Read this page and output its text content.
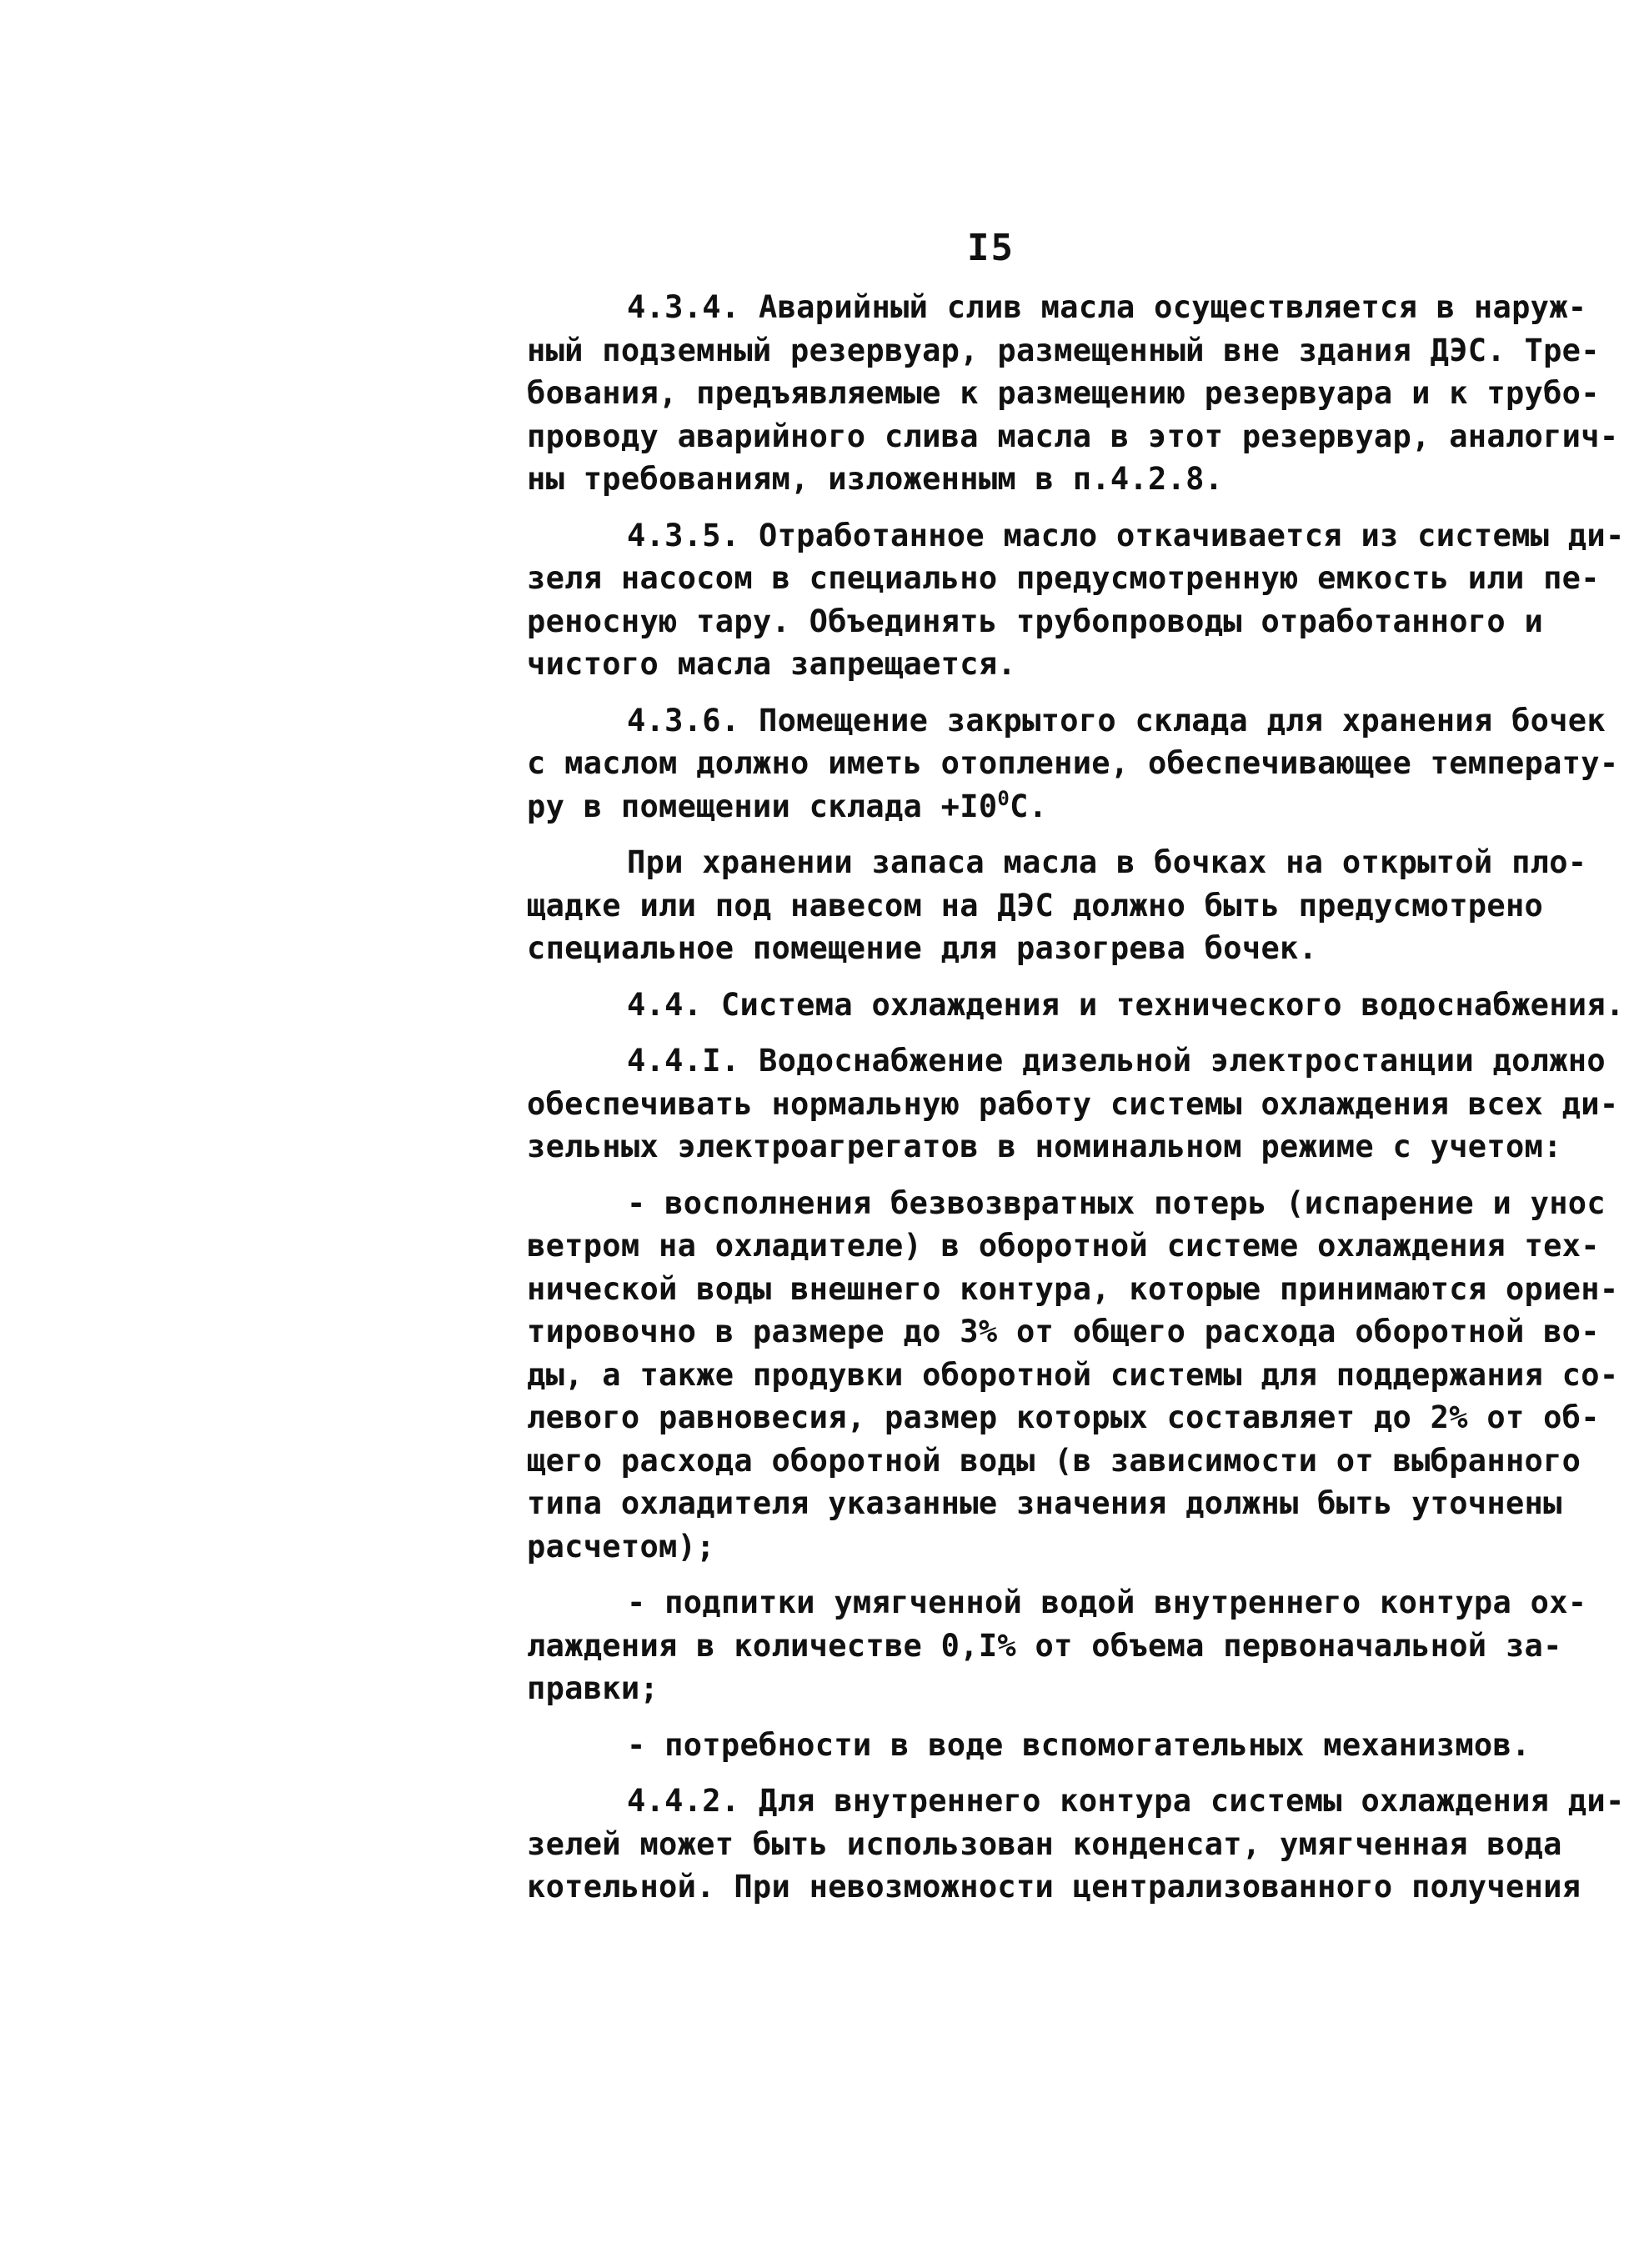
I5
4.3.4. Аварийный слив масла осуществляется в наруж-
ный подземный резервуар, размещенный вне здания ДЭС. Тре-
бования, предъявляемые к размещению резервуара и к трубо-
проводу аварийного слива масла в этот резервуар, аналогич-
ны требованиям, изложенным в п.4.2.8.
4.3.5. Отработанное масло откачивается из системы ди-
зеля насосом в специально предусмотренную емкость или пе-
реносную тару. Объединять трубопроводы отработанного и
чистого масла запрещается.
4.3.6. Помещение закрытого склада для хранения бочек
с маслом должно иметь отопление, обеспечивающее температу-
ру в помещении склада $+I0^0С$.
При хранении запаса масла в бочках на открытой пло-
щадке или под навесом на ДЭС должно быть предусмотрено
специальное помещение для разогрева бочек.
4.4. Система охлаждения и технического водоснабжения.
4.4.I. Водоснабжение дизельной электростанции должно
обеспечивать нормальную работу системы охлаждения всех ди-
зельных электроагрегатов в номинальном режиме с учетом:
- восполнения безвозвратных потерь (испарение и унос
ветром на охладителе) в оборотной системе охлаждения тех-
нической воды внешнего контура, которые принимаются ориен-
тировочно в размере до 3% от общего расхода оборотной во-
ды, а также продувки оборотной системы для поддержания со-
левого равновесия, размер которых составляет до 2% от об-
щего расхода оборотной воды (в зависимости от выбранного
типа охладителя указанные значения должны быть уточнены
расчетом);
- подпитки умягченной водой внутреннего контура ох-
лаждения в количестве 0,I% от объема первоначальной за-
правки;
- потребности в воде вспомогательных механизмов.
4.4.2. Для внутреннего контура системы охлаждения ди-
зелей может быть использован конденсат, умягченная вода
котельной. При невозможности централизованного получения
